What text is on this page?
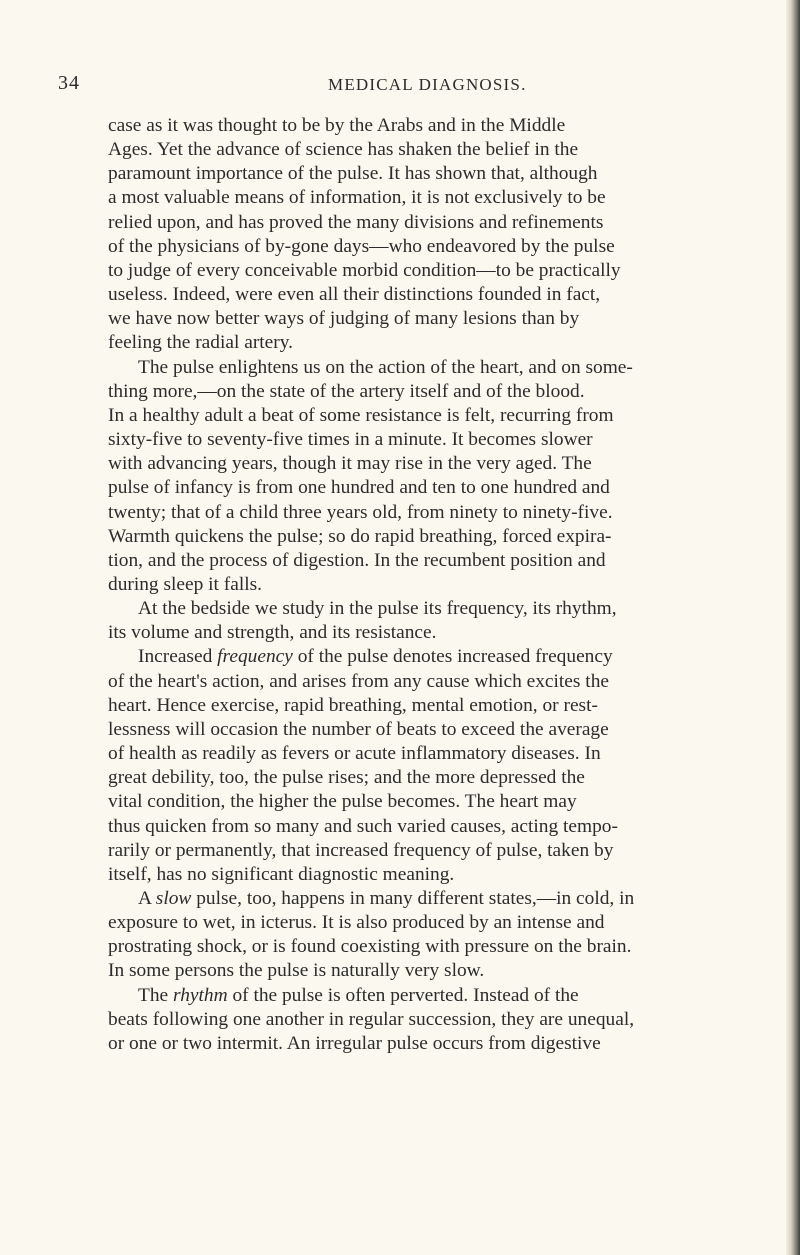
34	MEDICAL DIAGNOSIS.
case as it was thought to be by the Arabs and in the Middle
Ages. Yet the advance of science has shaken the belief in the
paramount importance of the pulse. It has shown that, although
a most valuable means of information, it is not exclusively to be
relied upon, and has proved the many divisions and refinements
of the physicians of by-gone days—who endeavored by the pulse
to judge of every conceivable morbid condition—to be practically
useless. Indeed, were even all their distinctions founded in fact,
we have now better ways of judging of many lesions than by
feeling the radial artery.
The pulse enlightens us on the action of the heart, and on some-
thing more,—on the state of the artery itself and of the blood.
In a healthy adult a beat of some resistance is felt, recurring from
sixty-five to seventy-five times in a minute. It becomes slower
with advancing years, though it may rise in the very aged. The
pulse of infancy is from one hundred and ten to one hundred and
twenty; that of a child three years old, from ninety to ninety-five.
Warmth quickens the pulse; so do rapid breathing, forced expira-
tion, and the process of digestion. In the recumbent position and
during sleep it falls.
At the bedside we study in the pulse its frequency, its rhythm,
its volume and strength, and its resistance.
Increased frequency of the pulse denotes increased frequency
of the heart's action, and arises from any cause which excites the
heart. Hence exercise, rapid breathing, mental emotion, or rest-
lessness will occasion the number of beats to exceed the average
of health as readily as fevers or acute inflammatory diseases. In
great debility, too, the pulse rises; and the more depressed the
vital condition, the higher the pulse becomes. The heart may
thus quicken from so many and such varied causes, acting tempo-
rarily or permanently, that increased frequency of pulse, taken by
itself, has no significant diagnostic meaning.
A slow pulse, too, happens in many different states,—in cold, in
exposure to wet, in icterus. It is also produced by an intense and
prostrating shock, or is found coexisting with pressure on the brain.
In some persons the pulse is naturally very slow.
The rhythm of the pulse is often perverted. Instead of the
beats following one another in regular succession, they are unequal,
or one or two intermit. An irregular pulse occurs from digestive
